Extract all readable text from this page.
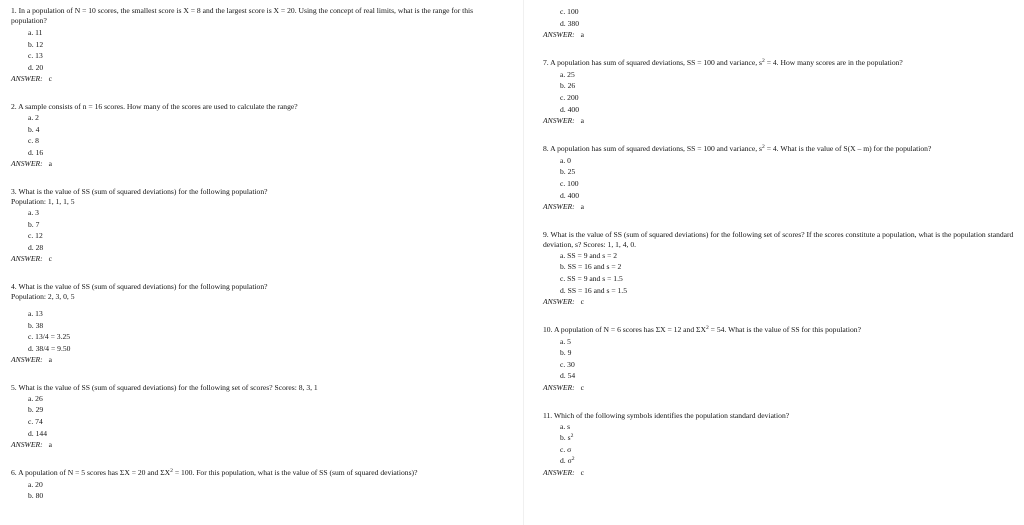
1. In a population of N = 10 scores, the smallest score is X = 8 and the largest score is X = 20. Using the concept of real limits, what is the range for this population?
a. 11
b. 12
c. 13
d. 20
ANSWER: c
2. A sample consists of n = 16 scores. How many of the scores are used to calculate the range?
a. 2
b. 4
c. 8
d. 16
ANSWER: a
3. What is the value of SS (sum of squared deviations) for the following population?
Population: 1, 1, 1, 5
a. 3
b. 7
c. 12
d. 28
ANSWER: c
4. What is the value of SS (sum of squared deviations) for the following population?
Population: 2, 3, 0, 5
a. 13
b. 38
c. 13/4 = 3.25
d. 38/4 = 9.50
ANSWER: a
5. What is the value of SS (sum of squared deviations) for the following set of scores? Scores: 8, 3, 1
a. 26
b. 29
c. 74
d. 144
ANSWER: a
6. A population of N = 5 scores has ΣX = 20 and $\Sigma X^2 = 100$. For this population, what is the value of SS (sum of squared deviations)?
a. 20
b. 80
c. 100
d. 380
ANSWER: a
7. A population has sum of squared deviations, SS = 100 and variance, $s^2 = 4$. How many scores are in the population?
a. 25
b. 26
c. 200
d. 400
ANSWER: a
8. A population has sum of squared deviations, SS = 100 and variance, $s^2 = 4$. What is the value of S(X – m) for the population?
a. 0
b. 25
c. 100
d. 400
ANSWER: a
9. What is the value of SS (sum of squared deviations) for the following set of scores? If the scores constitute a population, what is the population standard deviation, s? Scores: 1, 1, 4, 0.
a. SS = 9 and s = 2
b. SS = 16 and s = 2
c. SS = 9 and s = 1.5
d. SS = 16 and s = 1.5
ANSWER: c
10. A population of N = 6 scores has ΣX = 12 and $\Sigma X^2 = 54$. What is the value of SS for this population?
a. 5
b. 9
c. 30
d. 54
ANSWER: c
11. Which of the following symbols identifies the population standard deviation?
a. s
b. $s^2$
c. σ
d. $\sigma^2$
ANSWER: c
